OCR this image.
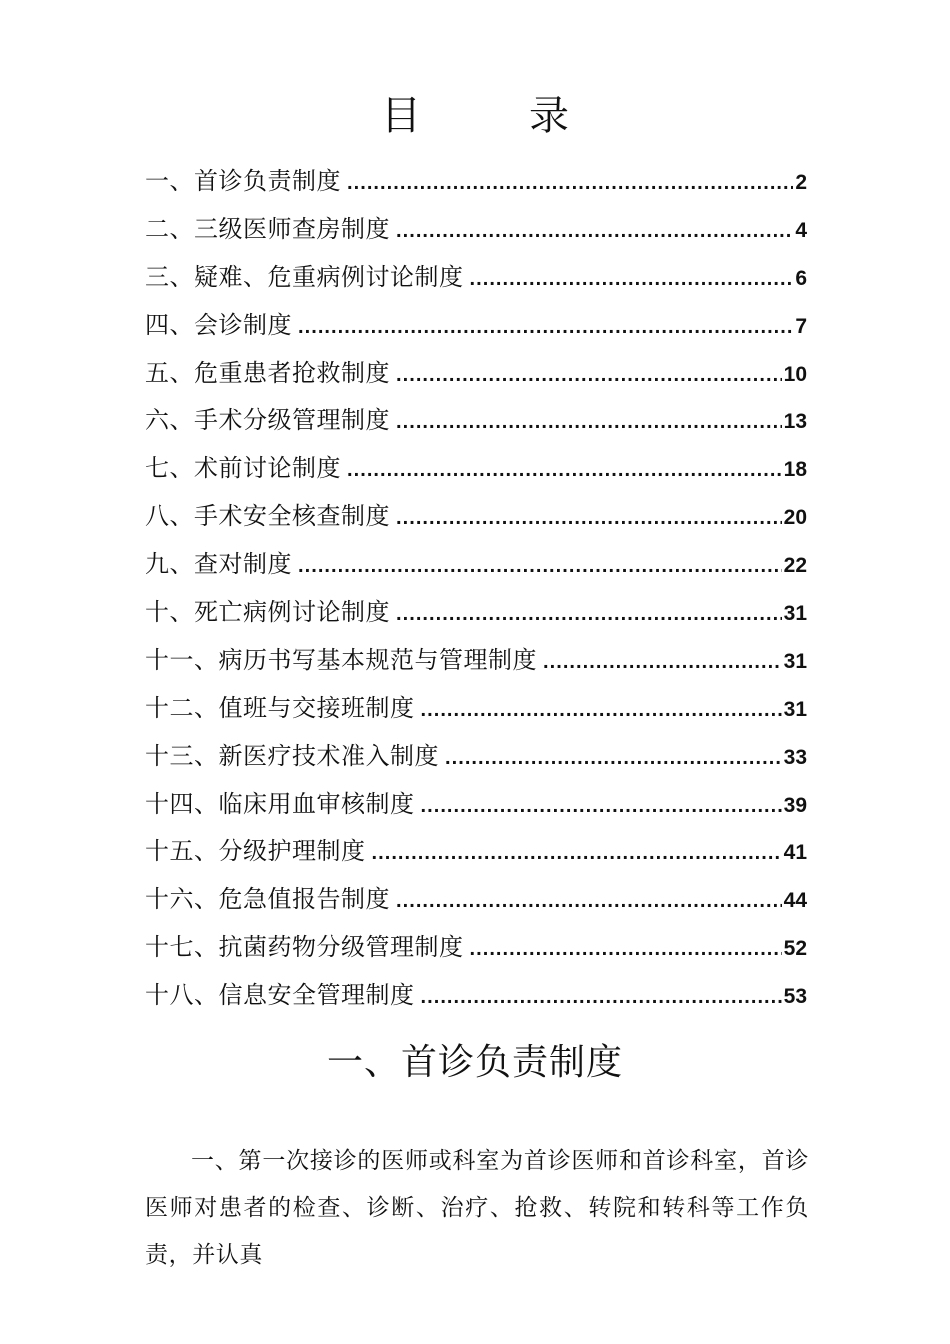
目　录
一、首诊负责制度 .....	2
二、三级医师查房制度 .....	4
三、疑难、危重病例讨论制度 .....	6
四、会诊制度 .....	7
五、危重患者抢救制度 .....	10
六、手术分级管理制度 .....	13
七、术前讨论制度 .....	18
八、手术安全核查制度 .....	20
九、查对制度 .....	22
十、死亡病例讨论制度 .....	31
十一、病历书写基本规范与管理制度 .....	31
十二、值班与交接班制度 .....	31
十三、新医疗技术准入制度 .....	33
十四、临床用血审核制度 .....	39
十五、分级护理制度 .....	41
十六、危急值报告制度 .....	44
十七、抗菌药物分级管理制度 .....	52
十八、信息安全管理制度 .....	53
一、首诊负责制度

一、第一次接诊的医师或科室为首诊医师和首诊科室，首诊医师对患者的检查、诊断、治疗、抢救、转院和转科等工作负责，并认真
